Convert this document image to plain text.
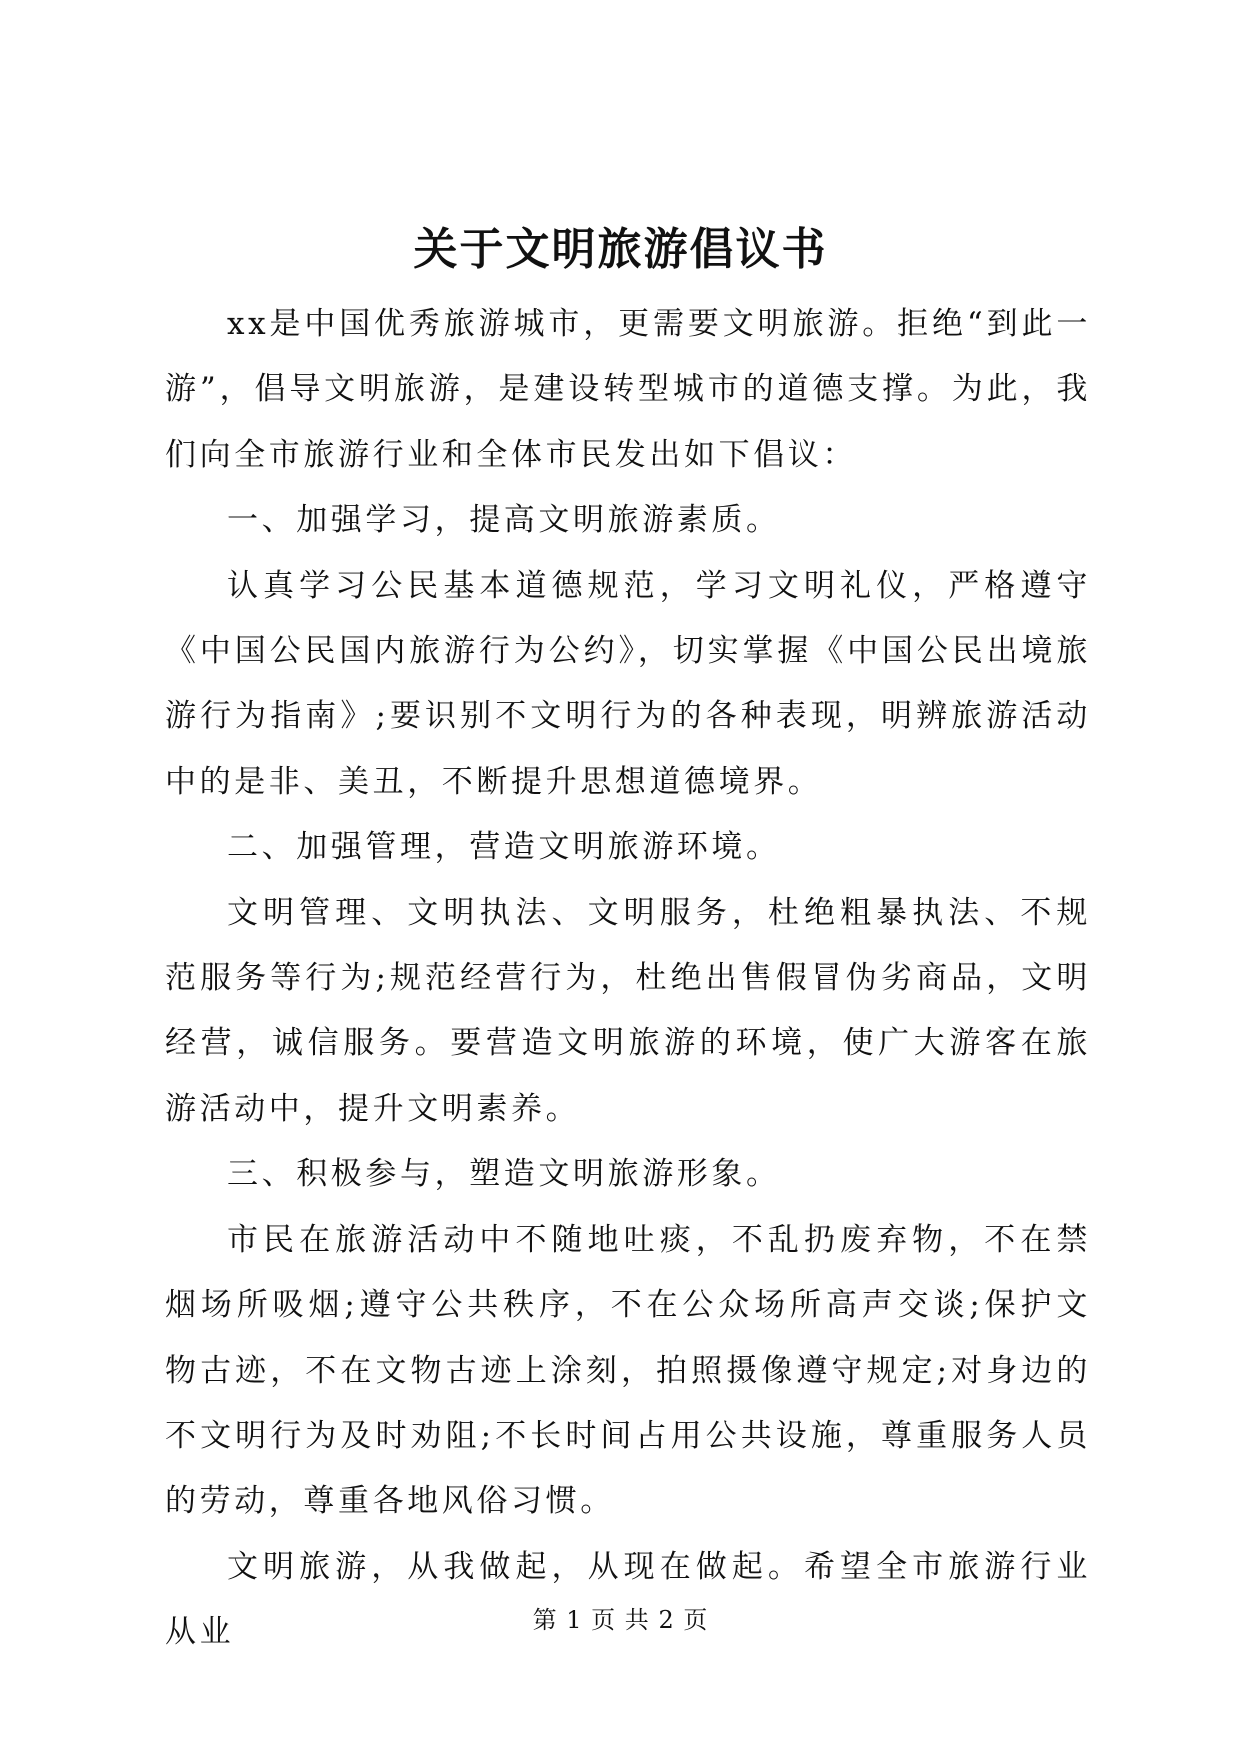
关于文明旅游倡议书

xx是中国优秀旅游城市，更需要文明旅游。拒绝“到此一游”，倡导文明旅游，是建设转型城市的道德支撑。为此，我们向全市旅游行业和全体市民发出如下倡议：

一、加强学习，提高文明旅游素质。

认真学习公民基本道德规范，学习文明礼仪，严格遵守《中国公民国内旅游行为公约》，切实掌握《中国公民出境旅游行为指南》;要识别不文明行为的各种表现，明辨旅游活动中的是非、美丑，不断提升思想道德境界。

二、加强管理，营造文明旅游环境。

文明管理、文明执法、文明服务，杜绝粗暴执法、不规范服务等行为;规范经营行为，杜绝出售假冒伪劣商品，文明经营，诚信服务。要营造文明旅游的环境，使广大游客在旅游活动中，提升文明素养。

三、积极参与，塑造文明旅游形象。

市民在旅游活动中不随地吐痰，不乱扔废弃物，不在禁烟场所吸烟;遵守公共秩序，不在公众场所高声交谈;保护文物古迹，不在文物古迹上涂刻，拍照摄像遵守规定;对身边的不文明行为及时劝阻;不长时间占用公共设施，尊重服务人员的劳动，尊重各地风俗习惯。

文明旅游，从我做起，从现在做起。希望全市旅游行业从业	第 1 页 共 2 页
